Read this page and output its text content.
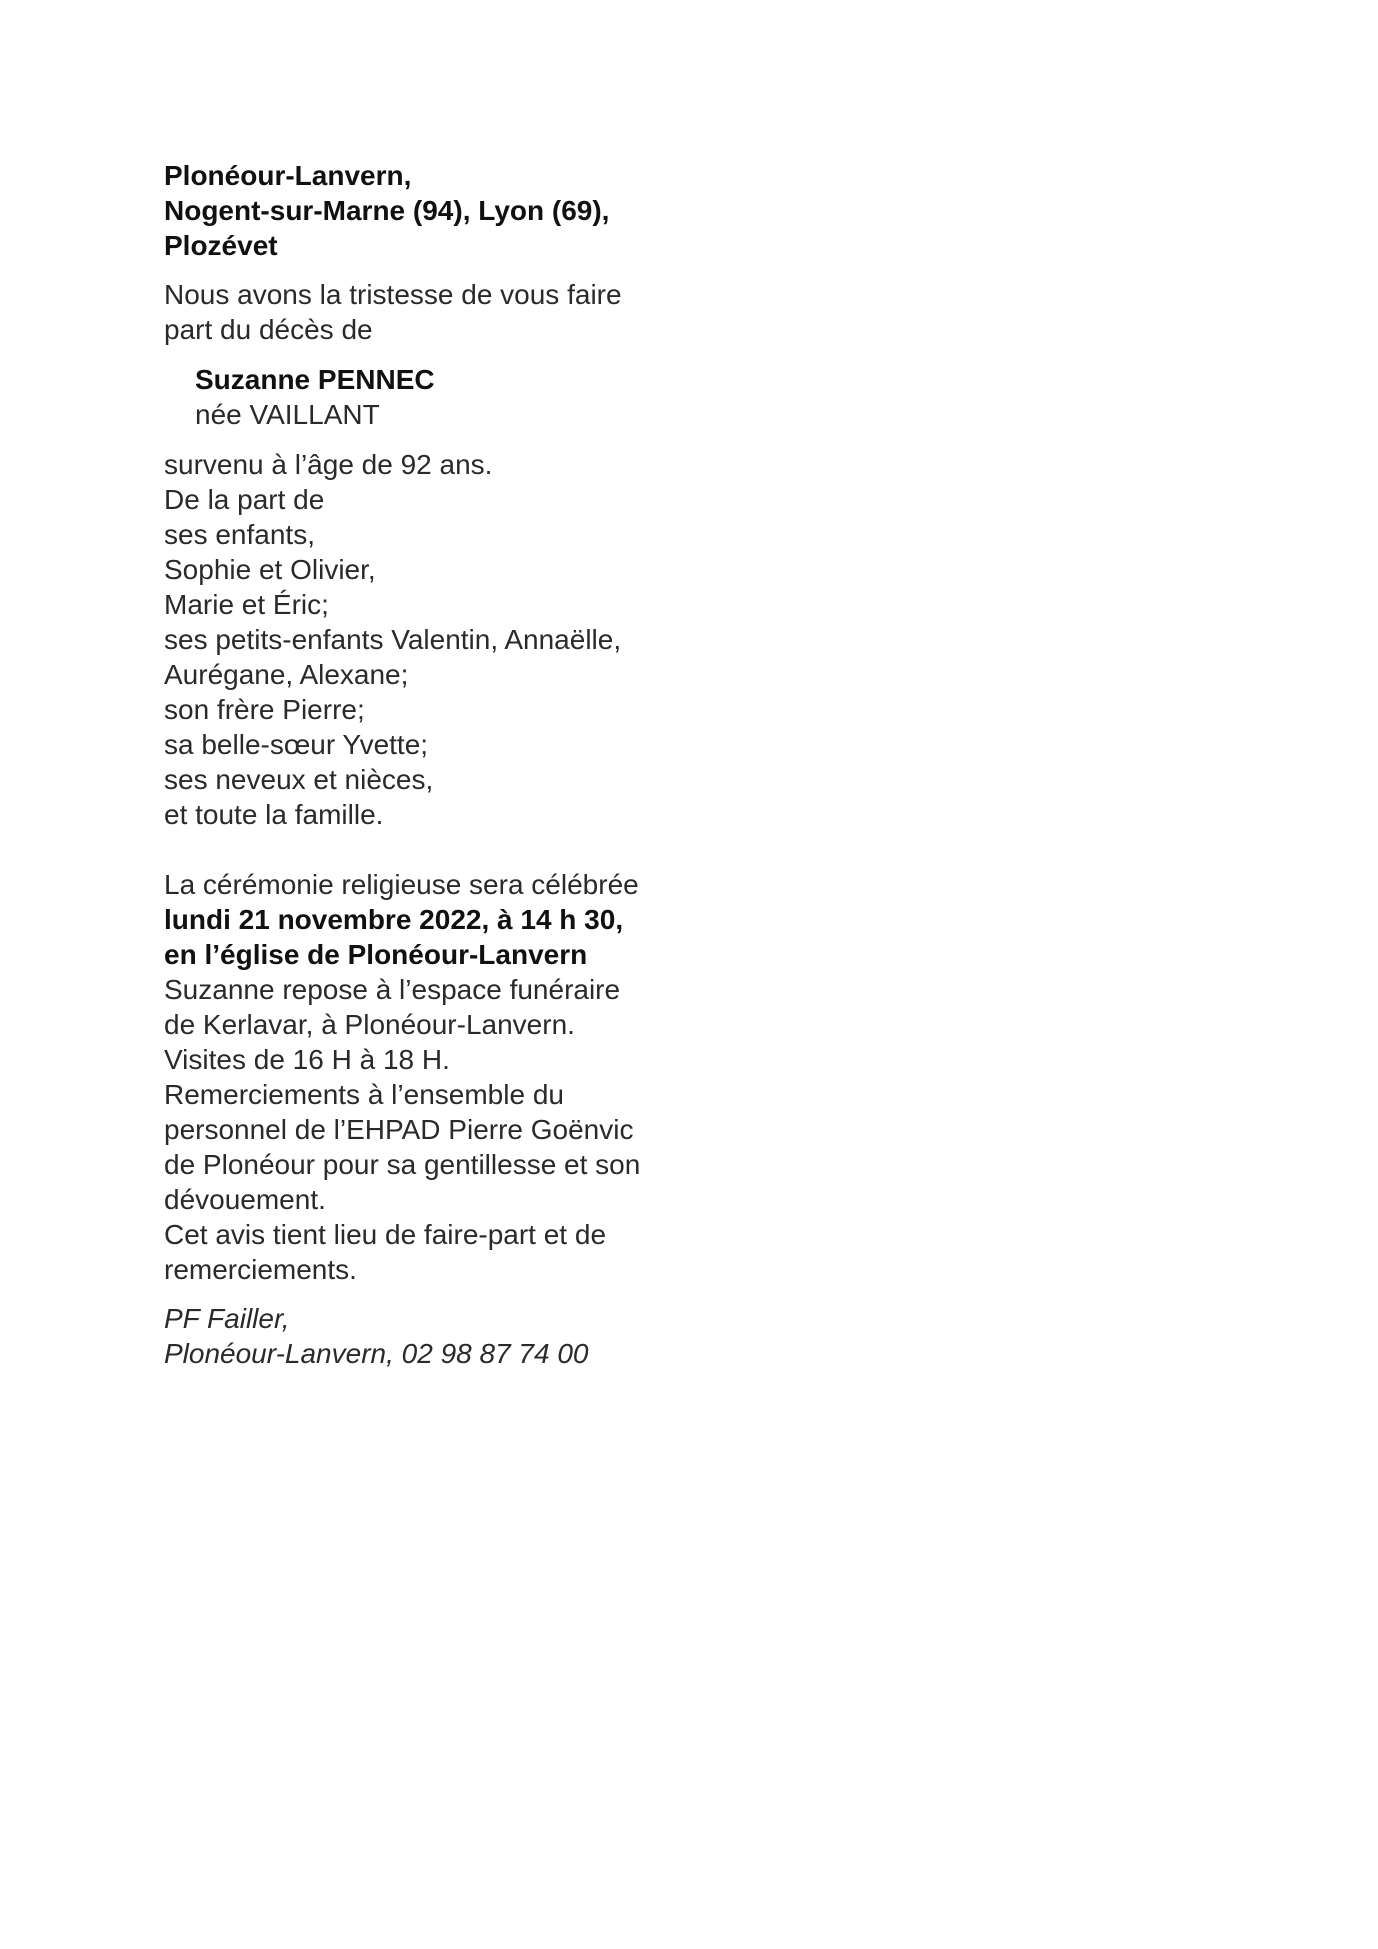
Plonéour-Lanvern,
Nogent-sur-Marne (94), Lyon (69),
Plozévet
Nous avons la tristesse de vous faire
part du décès de
Suzanne PENNEC
née VAILLANT
survenu à l’âge de 92 ans.
De la part de
ses enfants,
Sophie et Olivier,
Marie et Éric;
ses petits-enfants Valentin, Annaëlle,
Aurégane, Alexane;
son frère Pierre;
sa belle-sœur Yvette;
ses neveux et nièces,
et toute la famille.
La cérémonie religieuse sera célébrée
lundi 21 novembre 2022, à 14 h 30,
en l’église de Plonéour-Lanvern
Suzanne repose à l’espace funéraire
de Kerlavar, à Plonéour-Lanvern.
Visites de 16 H à 18 H.
Remerciements à l’ensemble du
personnel de l’EHPAD Pierre Goënvic
de Plonéour pour sa gentillesse et son
dévouement.
Cet avis tient lieu de faire-part et de
remerciements.
PF Failler,
Plonéour-Lanvern, 02 98 87 74 00
